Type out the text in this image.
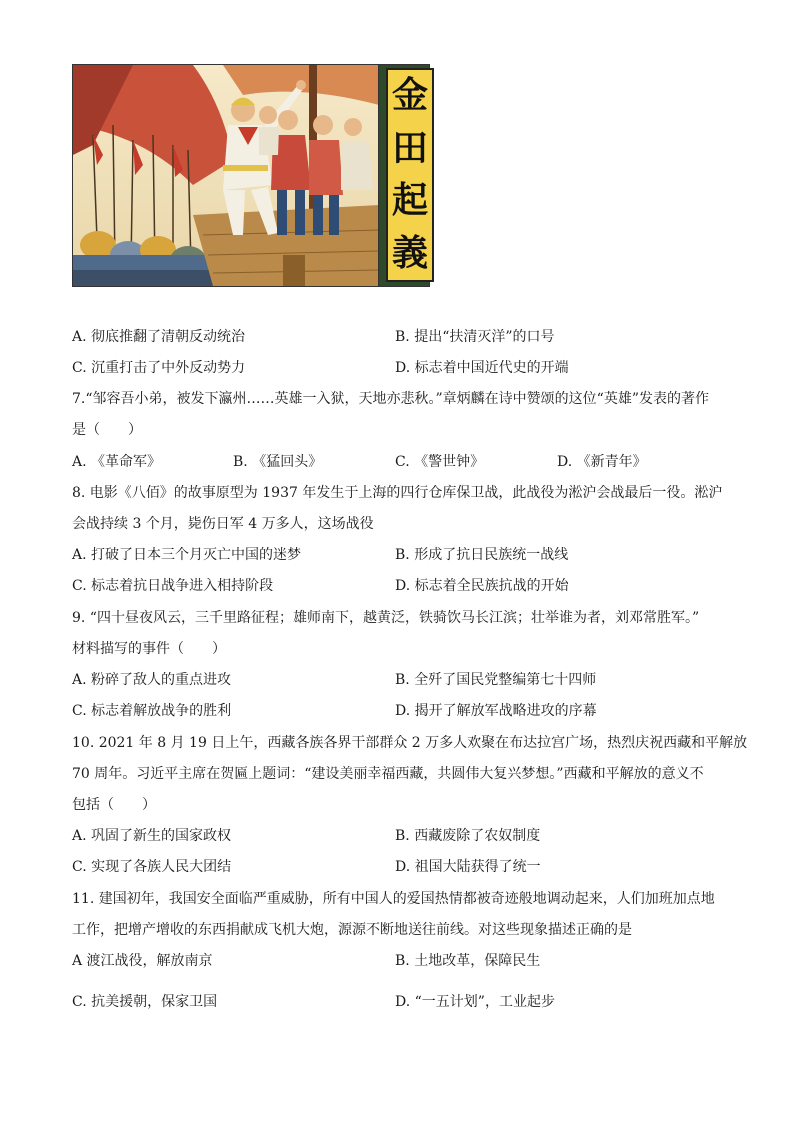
金
田
起
義
A. 彻底推翻了清朝反动统治	B. 提出“扶清灭洋”的口号
C. 沉重打击了中外反动势力	D. 标志着中国近代史的开端
7.“邹容吾小弟，被发下瀛州……英雄一入狱，天地亦悲秋。”章炳麟在诗中赞颂的这位“英雄”发表的著作
是（　　）
A. 《革命军》	B. 《猛回头》	C. 《警世钟》	D. 《新青年》
8. 电影《八佰》的故事原型为 1937 年发生于上海的四行仓库保卫战，此战役为淞沪会战最后一役。淞沪
会战持续 3 个月，毙伤日军 4 万多人，这场战役
A. 打破了日本三个月灭亡中国的迷梦	B. 形成了抗日民族统一战线
C. 标志着抗日战争进入相持阶段	D. 标志着全民族抗战的开始
9. “四十昼夜风云，三千里路征程；雄师南下，越黄泛，铁骑饮马长江滨；壮举谁为者，刘邓常胜军。”
材料描写的事件（　　）
A. 粉碎了敌人的重点进攻	B. 全歼了国民党整编第七十四师
C. 标志着解放战争的胜利	D. 揭开了解放军战略进攻的序幕
10. 2021 年 8 月 19 日上午，西藏各族各界干部群众 2 万多人欢聚在布达拉宫广场，热烈庆祝西藏和平解放
70 周年。习近平主席在贺匾上题词：“建设美丽幸福西藏，共圆伟大复兴梦想。”西藏和平解放的意义不
包括（　　）
A. 巩固了新生的国家政权	B. 西藏废除了农奴制度
C. 实现了各族人民大团结	D. 祖国大陆获得了统一
11. 建国初年，我国安全面临严重威胁，所有中国人的爱国热情都被奇迹般地调动起来，人们加班加点地
工作，把增产增收的东西捐献成飞机大炮，源源不断地送往前线。对这些现象描述正确的是
A 渡江战役，解放南京	B. 土地改革，保障民生
C. 抗美援朝，保家卫国	D. “一五计划”，工业起步
